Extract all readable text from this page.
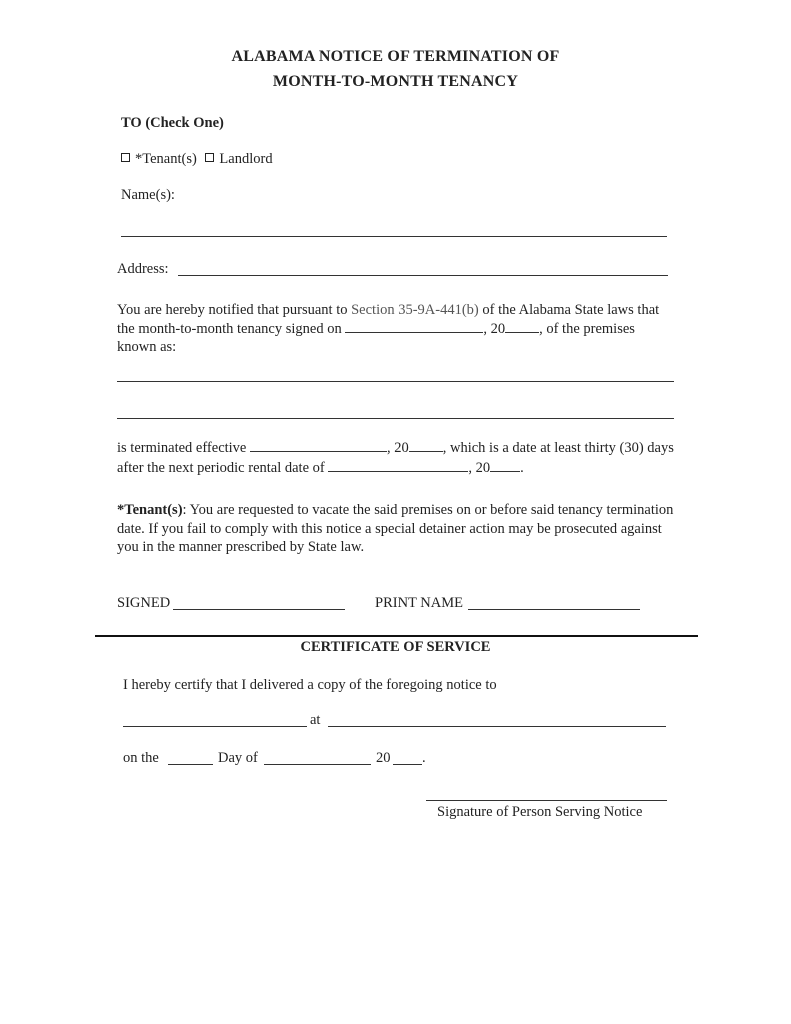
ALABAMA NOTICE OF TERMINATION OF
MONTH-TO-MONTH TENANCY
TO (Check One)
*Tenant(s) Landlord
Name(s):
Address:
You are hereby notified that pursuant to Section 35-9A-441(b) of the Alabama State laws that the month-to-month tenancy signed on	, 20 , of the premises known as:
is terminated effective	, 20 , which is a date at least thirty (30) days after the next periodic rental date of	, 20 .
*Tenant(s): You are requested to vacate the said premises on or before said tenancy termination date. If you fail to comply with this notice a special detainer action may be prosecuted against you in the manner prescribed by State law.
SIGNED	PRINT NAME
CERTIFICATE OF SERVICE
I hereby certify that I delivered a copy of the foregoing notice to
at
on the	Day of	20 .
Signature of Person Serving Notice
